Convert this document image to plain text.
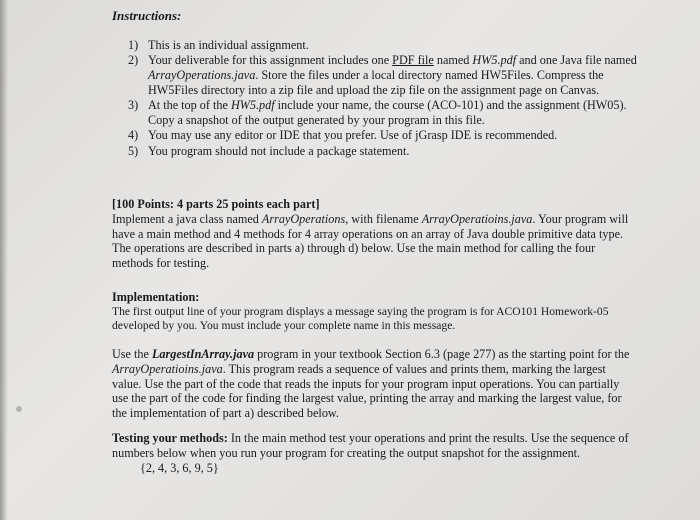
Instructions:
1) This is an individual assignment.
2) Your deliverable for this assignment includes one PDF file named HW5.pdf and one Java file named ArrayOperations.java. Store the files under a local directory named HW5Files. Compress the HW5Files directory into a zip file and upload the zip file on the assignment page on Canvas.
3) At the top of the HW5.pdf include your name, the course (ACO-101) and the assignment (HW05). Copy a snapshot of the output generated by your program in this file.
4) You may use any editor or IDE that you prefer. Use of jGrasp IDE is recommended.
5) You program should not include a package statement.
[100 Points: 4 parts 25 points each part]
Implement a java class named ArrayOperations, with filename ArrayOperatioins.java. Your program will have a main method and 4 methods for 4 array operations on an array of Java double primitive data type. The operations are described in parts a) through d) below. Use the main method for calling the four methods for testing.
Implementation:
The first output line of your program displays a message saying the program is for ACO101 Homework-05 developed by you. You must include your complete name in this message.
Use the LargestInArray.java program in your textbook Section 6.3 (page 277) as the starting point for the ArrayOperatioins.java. This program reads a sequence of values and prints them, marking the largest value. Use the part of the code that reads the inputs for your program input operations. You can partially use the part of the code for finding the largest value, printing the array and marking the largest value, for the implementation of part a) described below.
Testing your methods: In the main method test your operations and print the results. Use the sequence of numbers below when you run your program for creating the output snapshot for the assignment.
{2, 4, 3, 6, 9, 5}
